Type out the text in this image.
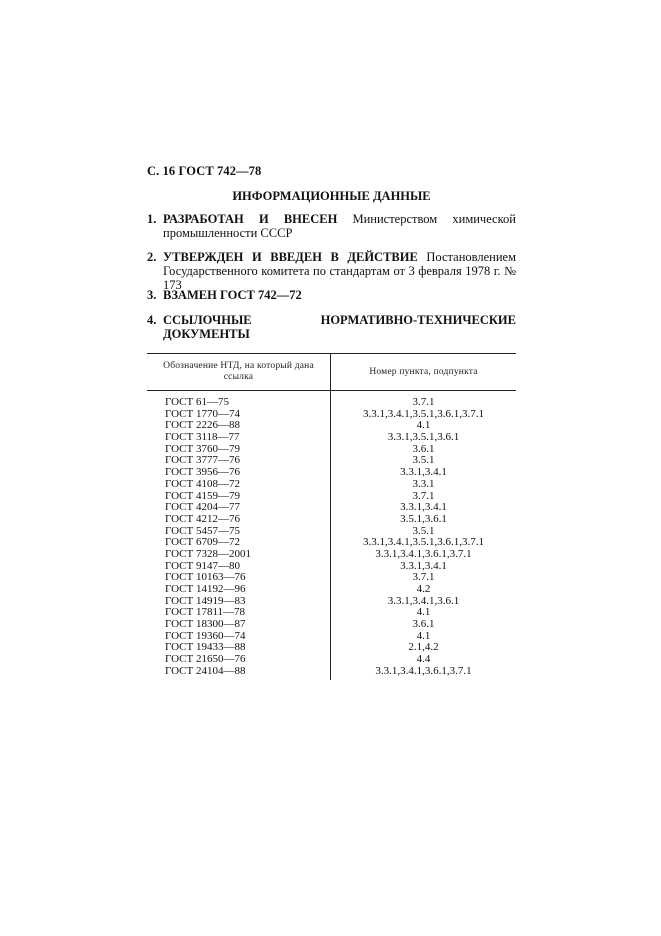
С. 16 ГОСТ 742—78
ИНФОРМАЦИОННЫЕ ДАННЫЕ
1. РАЗРАБОТАН И ВНЕСЕН Министерством химической промышленности СССР
2. УТВЕРЖДЕН И ВВЕДЕН В ДЕЙСТВИЕ Постановлением Государственного комитета по стандартам от 3 февраля 1978 г. № 173
3. ВЗАМЕН ГОСТ 742—72
4. ССЫЛОЧНЫЕ НОРМАТИВНО-ТЕХНИЧЕСКИЕ ДОКУМЕНТЫ
Обозначение НТД, на который дана ссылка	Номер пункта, подпункта
ГОСТ 61—75
ГОСТ 1770—74
ГОСТ 2226—88
ГОСТ 3118—77
ГОСТ 3760—79
ГОСТ 3777—76
ГОСТ 3956—76
ГОСТ 4108—72
ГОСТ 4159—79
ГОСТ 4204—77
ГОСТ 4212—76
ГОСТ 5457—75
ГОСТ 6709—72
ГОСТ 7328—2001
ГОСТ 9147—80
ГОСТ 10163—76
ГОСТ 14192—96
ГОСТ 14919—83
ГОСТ 17811—78
ГОСТ 18300—87
ГОСТ 19360—74
ГОСТ 19433—88
ГОСТ 21650—76
ГОСТ 24104—88
3.7.1
3.3.1,3.4.1,3.5.1,3.6.1,3.7.1
4.1
3.3.1,3.5.1,3.6.1
3.6.1
3.5.1
3.3.1,3.4.1
3.3.1
3.7.1
3.3.1,3.4.1
3.5.1,3.6.1
3.5.1
3.3.1,3.4.1,3.5.1,3.6.1,3.7.1
3.3.1,3.4.1,3.6.1,3.7.1
3.3.1,3.4.1
3.7.1
4.2
3.3.1,3.4.1,3.6.1
4.1
3.6.1
4.1
2.1,4.2
4.4
3.3.1,3.4.1,3.6.1,3.7.1
